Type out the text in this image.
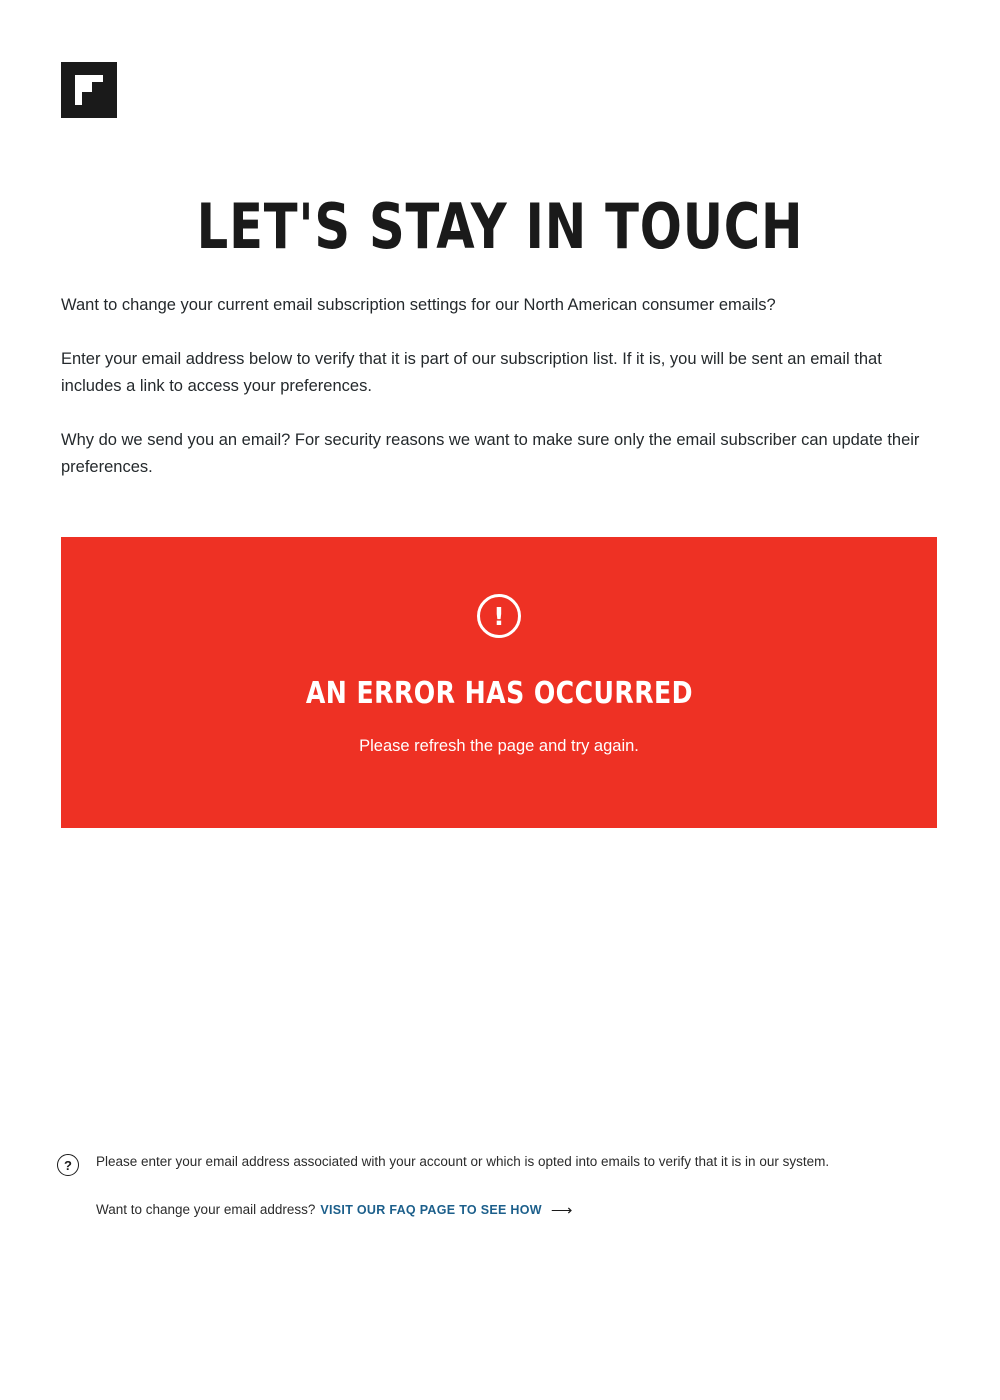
LET'S STAY IN TOUCH

Want to change your current email subscription settings for our North American consumer emails?

Enter your email address below to verify that it is part of our subscription list. If it is, you will be sent an email that includes a link to access your preferences.

Why do we send you an email? For security reasons we want to make sure only the email subscriber can update their preferences.

!
AN ERROR HAS OCCURRED
Please refresh the page and try again.
? Please enter your email address associated with your account or which is opted into emails to verify that it is in our system.
Want to change your email address? VISIT OUR FAQ PAGE TO SEE HOW ⟶
